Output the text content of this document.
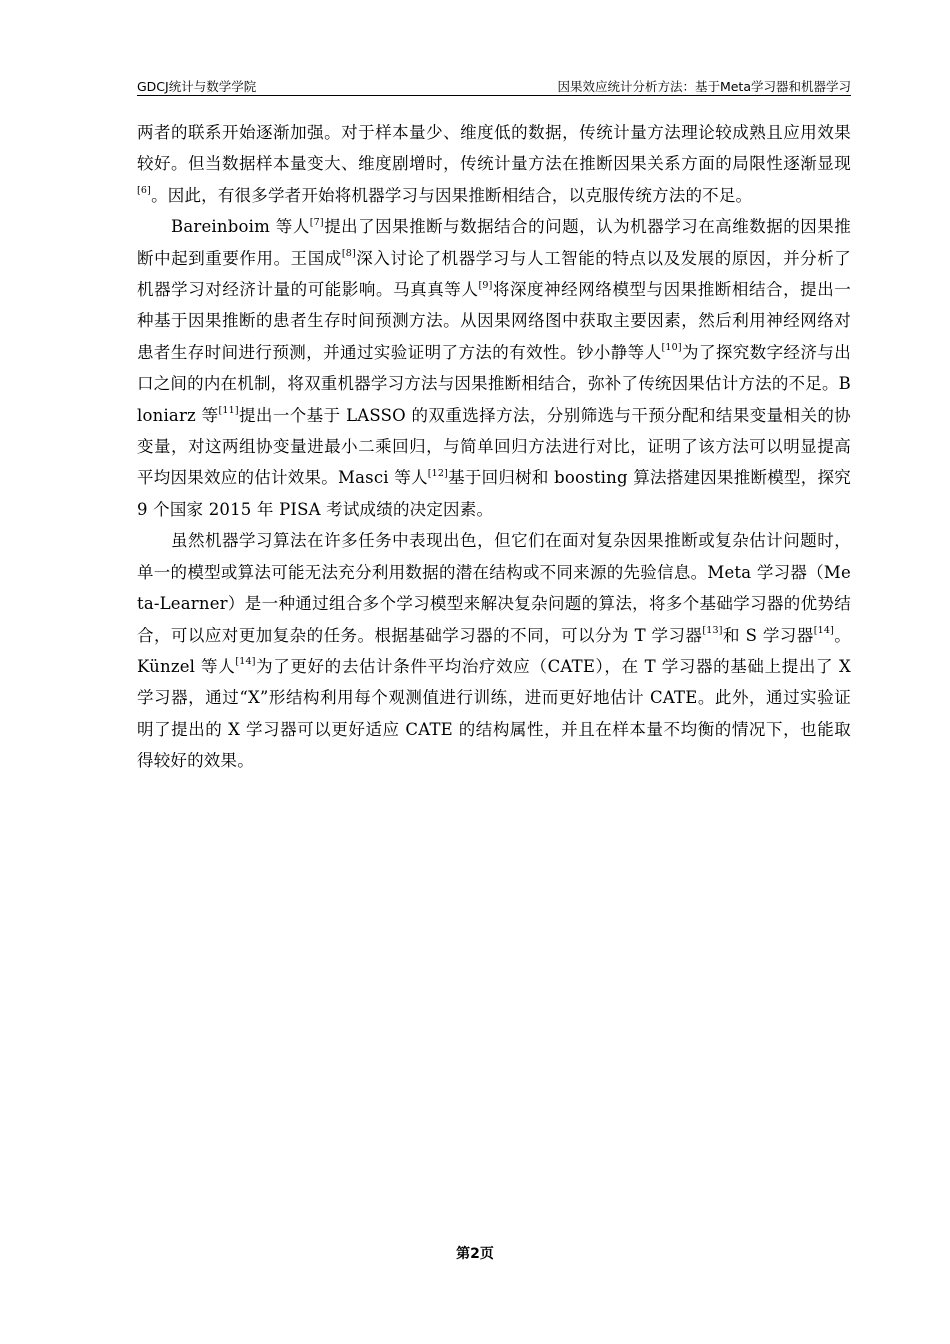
GDCJ统计与数学学院	因果效应统计分析方法：基于Meta学习器和机器学习

两者的联系开始逐渐加强。对于样本量少、维度低的数据，传统计量方法理论较成熟且应用效果较好。但当数据样本量变大、维度剧增时，传统计量方法在推断因果关系方面的局限性逐渐显现[6]。因此，有很多学者开始将机器学习与因果推断相结合，以克服传统方法的不足。

Bareinboim 等人[7]提出了因果推断与数据结合的问题，认为机器学习在高维数据的因果推断中起到重要作用。王国成[8]深入讨论了机器学习与人工智能的特点以及发展的原因，并分析了机器学习对经济计量的可能影响。马真真等人[9]将深度神经网络模型与因果推断相结合，提出一种基于因果推断的患者生存时间预测方法。从因果网络图中获取主要因素，然后利用神经网络对患者生存时间进行预测，并通过实验证明了方法的有效性。钞小静等人[10]为了探究数字经济与出口之间的内在机制，将双重机器学习方法与因果推断相结合，弥补了传统因果估计方法的不足。Bloniarz 等[11]提出一个基于 LASSO 的双重选择方法，分别筛选与干预分配和结果变量相关的协变量，对这两组协变量进最小二乘回归，与简单回归方法进行对比，证明了该方法可以明显提高平均因果效应的估计效果。Masci 等人[12]基于回归树和 boosting 算法搭建因果推断模型，探究 9 个国家 2015 年 PISA 考试成绩的决定因素。

虽然机器学习算法在许多任务中表现出色，但它们在面对复杂因果推断或复杂估计问题时，单一的模型或算法可能无法充分利用数据的潜在结构或不同来源的先验信息。Meta 学习器（Meta-Learner）是一种通过组合多个学习模型来解决复杂问题的算法，将多个基础学习器的优势结合，可以应对更加复杂的任务。根据基础学习器的不同，可以分为 T 学习器[13]和 S 学习器[14]。Künzel 等人[14]为了更好的去估计条件平均治疗效应（CATE），在 T 学习器的基础上提出了 X 学习器，通过“X”形结构利用每个观测值进行训练，进而更好地估计 CATE。此外，通过实验证明了提出的 X 学习器可以更好适应 CATE 的结构属性，并且在样本量不均衡的情况下，也能取得较好的效果。

第2页
